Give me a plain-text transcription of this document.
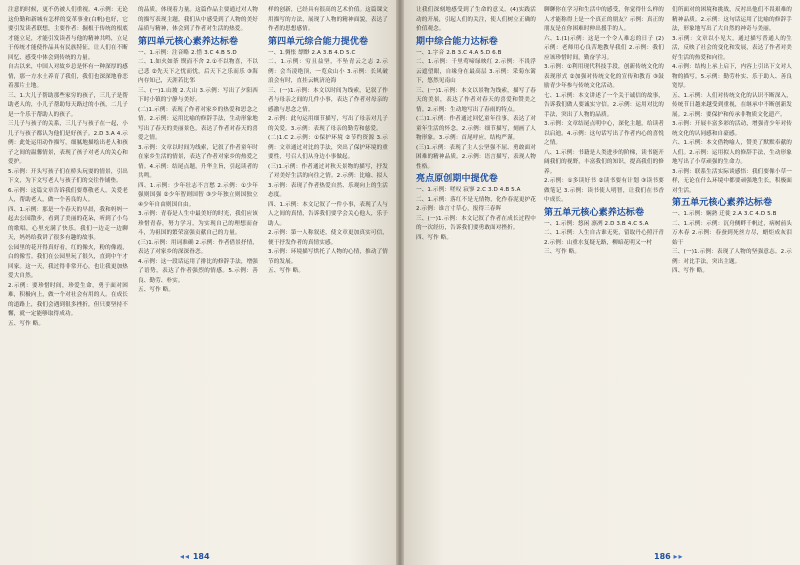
注意的时候，更不仍被人们重视。4.示例：无论这份勤和新城有怎样的变革事业(白帆)也好，它要引发读者联想，主要作者：掘根于传统的根底才能立足，才能引发读者与他的精神共鸣，立足于传统才能使作品具有民族特征，让人们在不断回忆、感受中体会到传统的力量。

自古以来，中国人对故乡总是怀有一种深厚的感情，那一方水土养育了我们，我们也深深地眷恋着那片土地。

三、1.大儿子帮助那些家穷的孩子，三儿子是帮助老人的，小儿子帮助每天路过的小孩，二儿子是一个乐于帮助人的孩子。

三儿子与孩子的关系，三儿子与孩子在一起，小儿子与孩子都认为他们是好孩子。2.D 3.A 4.示例：此处运用动作描写，细腻地描绘出老人和孩子之间的温馨情景，表现了孩子对老人的关心和爱护。

5.示例：开头写孩子们在桥头玩耍的情景，引出下文，为下文写老人与孩子们的交往作铺垫。

6.示例：这篇文章告诉我们要尊敬老人，关爱老人，帮助老人，做一个善良的人。

四、1.示例：那是一个春天的早晨，我和妈妈一起去公园散步，看到了美丽的花朵，听到了小鸟的歌唱，心里充满了快乐。我们一边走一边聊天，妈妈给我讲了很多有趣的故事。

公园里的花开得真好看，红的像火，粉的像霞，白的像雪。我们在公园里玩了很久，直到中午才回家。这一天，我过得非常开心，也让我更加热爱大自然。

2.示例：要珍惜时间，珍爱生命，勇于面对困难，积极向上，做一个对社会有用的人。在成长的道路上，我们会遇到很多挫折，但只要坚持不懈，就一定能够取得成功。

五、写作 略。

的品质，体现着力量。这篇作品主要通过对人物的描写表现主题，我们从中感受到了人物的美好品质与精神，体会到了作者对生活的热爱。

第四单元核心素养达标卷

一、1.示例：注音略 2.惜 3.C 4.B 5.D

二、1.如火如荼 锲而不舍 2.①不以物喜，不以己悲 ②先天下之忧而忧，后天下之乐而乐 ③海内存知己，天涯若比邻

三、(一)1.山坡 2.大山 3.示例：写出了夕阳西下时小镇的宁静与美好。

(二)1.示例：表现了作者对家乡的热爱和思念之情。2.示例：运用比喻的修辞手法，生动形象地写出了春天的美丽景色，表达了作者对春天的喜爱之情。

3.示例：文章以时间为线索，记叙了作者童年时在家乡生活的情景，表达了作者对家乡的热爱之情。4.示例：结尾点题，升华主旨，引起读者的共鸣。

四、1.示例：少年壮志不言愁 2.示例：①少年强则国强 ②少年智则国智 ③少年独立则国独立 ④少年自由则国自由。

3.示例：青春是人生中最美好的时光，我们应该珍惜青春，努力学习，为实现自己的理想而奋斗，为祖国的繁荣富强贡献自己的力量。

(三)1.示例：用词准确 2.示例：作者借景抒情，表达了对家乡的深深眷恋。

4.示例：这一段话运用了排比的修辞手法，增强了语势，表达了作者强烈的情感。5.示例：善良、勤劳、朴实。

五、写作 略。

样的创新，已经具有很高的艺术价值。这篇课文用描写的方法，展现了人物的精神面貌，表达了作者的思想感情。

第四单元综合能力提优卷

一、1.惆怅 缥缈 2.A 3.B 4.D 5.C

二、1.示例：穷且益坚，不坠青云之志 2.示例：会当凌绝顶，一览众山小 3.示例：长风破浪会有时，直挂云帆济沧海

三、(一)1.示例：本文以时间为线索，记叙了作者与母亲之间的几件小事，表达了作者对母亲的感激与思念之情。

2.示例：此句运用细节描写，写出了母亲对儿子的关爱。3.示例：表现了母亲的勤劳和慈爱。

(二)1.C 2.示例：①保护环境 ②节约资源 3.示例：文章通过对比的手法，突出了保护环境的重要性，号召人们从身边小事做起。

(三)1.示例：作者通过对秋天景物的描写，抒发了对美好生活的向往之情。2.示例：比喻、拟人 3.示例：表现了作者热爱自然、乐观向上的生活态度。

四、1.示例：本文记叙了一件小事，表现了人与人之间的真情，告诉我们要学会关心他人，乐于助人。

2.示例：第一人称叙述，使文章更加真实可信，便于抒发作者的真情实感。

3.示例：环境描写烘托了人物的心情，推动了情节的发展。

五、写作 略。

◂◂ 184

让我们深刻地感受到了生命的意义。(4)实践活动的开展，引起人们的关注，使人们树立正确的价值观念。

期中综合能力达标卷

一、1.字音 2.B 3.C 4.A 5.D 6.B

二、1.示例：千里莺啼绿映红 2.示例：不畏浮云遮望眼，自缘身在最高层 3.示例：采菊东篱下，悠然见南山

三、(一)1.示例：本文以景物为线索，描写了春天的美景，表达了作者对春天的喜爱和赞美之情。2.示例：生动地写出了春雨的特点。

(二)1.示例：作者通过回忆童年往事，表达了对童年生活的怀念。2.示例：细节描写，刻画了人物形象。3.示例：首尾呼应，结构严谨。

(三)1.示例：表现了主人公坚强不屈、勇敢面对困难的精神品质。2.示例：语言描写，表现人物性格。

亮点原创期中提优卷

一、1.示例：嗟叹 寂寥 2.C 3.D 4.B 5.A

二、1.示例：落红不是无情物，化作春泥更护花 2.示例：谁言寸草心，报得三春晖

三、(一)1.示例：本文记叙了作者在成长过程中的一次经历，告诉我们要勇敢面对挫折。

四、写作 略。

聊聊你在学习和生活中的感受，你觉得什么样的人才能称得上是一个真正的朋友？示例：真正的朋友是在你困难时伸出援手的人。

六、1.(1)示例：这是一个令人难忘的日子 (2)示例：老师用心良苦地教导我们 2.示例：我们应该珍惜时间，勤奋学习。

3.示例：①利用现代科技手段，创新传统文化的表现形式 ②加强对传统文化的宣传和教育 ③鼓励青少年参与传统文化活动。

七、1.示例：本文讲述了一个关于诚信的故事，告诉我们做人要诚实守信。2.示例：运用对比的手法，突出了人物的品质。

3.示例：文章结尾点明中心，深化主题，给读者以启迪。4.示例：这句话写出了作者内心的喜悦之情。

八、1.示例：书籍是人类进步的阶梯，读书能开阔我们的视野，丰富我们的知识，提高我们的修养。

2.示例：①多读好书 ②读书要有计划 ③读书要做笔记 3.示例：读书使人明智，让我们在书香中成长。

第五单元核心素养达标卷

一、1.示例：悠闲 凛冽 2.D 3.B 4.C 5.A

二、1.示例：人生自古谁无死，留取丹心照汗青 2.示例：山重水复疑无路，柳暗花明又一村

三、写作 略。

们所面对的困境和挑战，反衬出他们不畏艰难的精神品质。2.示例：这句话运用了比喻的修辞手法，形象地写出了大自然的神奇与美丽。

3.示例：文章以小见大，通过描写普通人的生活，反映了社会的变化和发展，表达了作者对美好生活的热爱和向往。

4.示例：结构上承上启下，内容上引出下文对人物的描写。5.示例：勤劳朴实、乐于助人、善良宽厚。

五、1.示例：人们对传统文化的认识不断深入，传统节日越来越受到重视，在继承中不断创新发展。2.示例：要保护和传承非物质文化遗产。

3.示例：开展丰富多彩的活动，增强青少年对传统文化的认同感和自豪感。

六、1.示例：本文借物喻人，赞美了默默奉献的人们。2.示例：运用拟人的修辞手法，生动形象地写出了小草顽强的生命力。

3.示例：联系生活实际谈感悟：我们要像小草一样，无论在什么环境中都要顽强地生长，积极面对生活。

第五单元核心素养达标卷

一、1.示例：娴熟 迁徙 2.A 3.C 4.D 5.B

二、1.示例：示例：沉舟侧畔千帆过，病树前头万木春 2.示例：春蚕到死丝方尽，蜡炬成灰泪始干

三、(一)1.示例：表现了人物的坚强意志。2.示例：对比手法，突出主题。

四、写作 略。

186 ▸▸
